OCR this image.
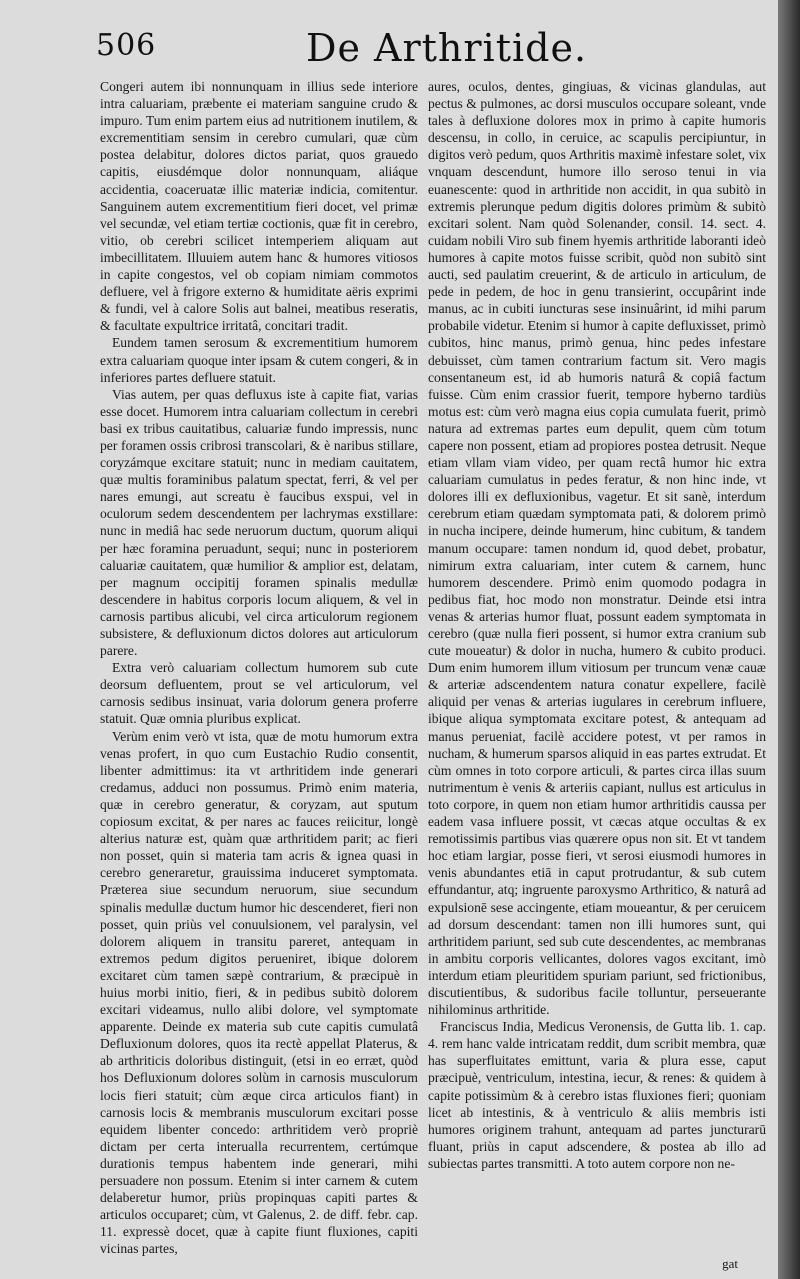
506	De Arthritide.

Congeri autem ibi nonnunquam in illius sede interiore intra caluariam, præbente ei materiam sanguine crudo & impuro. Tum enim partem eius ad nutritionem inutilem, & excrementitiam sensim in cerebro cumulari, quæ cùm postea delabitur, dolores dictos pariat, quos grauedo capitis, eiusdémque dolor nonnunquam, aliáque accidentia, coaceruatæ illic materiæ indicia, comitentur. Sanguinem autem excrementitium fieri docet, vel primæ vel secundæ, vel etiam tertiæ coctionis, quæ fit in cerebro, vitio, ob cerebri scilicet intemperiem aliquam aut imbecillitatem. Illuuiem autem hanc & humores vitiosos in capite congestos, vel ob copiam nimiam commotos defluere, vel à frigore externo & humiditate aëris exprimi & fundi, vel à calore Solis aut balnei, meatibus reseratis, & facultate expultrice irritatâ, concitari tradit.

Eundem tamen serosum & excrementitium humorem extra caluariam quoque inter ipsam & cutem congeri, & in inferiores partes defluere statuit.

Vias autem, per quas defluxus iste à capite fiat, varias esse docet. Humorem intra caluariam collectum in cerebri basi ex tribus cauitatibus, caluariæ fundo impressis, nunc per foramen ossis cribrosi transcolari, & è naribus stillare, coryzámque excitare statuit; nunc in mediam cauitatem, quæ multis foraminibus palatum spectat, ferri, & vel per nares emungi, aut screatu è faucibus exspui, vel in oculorum sedem descendentem per lachrymas exstillare: nunc in mediâ hac sede neruorum ductum, quorum aliqui per hæc foramina peruadunt, sequi; nunc in posteriorem caluariæ cauitatem, quæ humilior & amplior est, delatam, per magnum occipitij foramen spinalis medullæ descendere in habitus corporis locum aliquem, & vel in carnosis partibus alicubi, vel circa articulorum regionem subsistere, & defluxionum dictos dolores aut articulorum parere.

Extra verò caluariam collectum humorem sub cute deorsum defluentem, prout se vel articulorum, vel carnosis sedibus insinuat, varia dolorum genera proferre statuit. Quæ omnia pluribus explicat.

Verùm enim verò vt ista, quæ de motu humorum extra venas profert, in quo cum Eustachio Rudio consentit, libenter admittimus: ita vt arthritidem inde generari credamus, adduci non possumus. Primò enim materia, quæ in cerebro generatur, & coryzam, aut sputum copiosum excitat, & per nares ac fauces reiicitur, longè alterius naturæ est, quàm quæ arthritidem parit; ac fieri non posset, quin si materia tam acris & ignea quasi in cerebro generaretur, grauissima induceret symptomata. Præterea siue secundum neruorum, siue secundum spinalis medullæ ductum humor hic descenderet, fieri non posset, quin priùs vel conuulsionem, vel paralysin, vel dolorem aliquem in transitu pareret, antequam in extremos pedum digitos perueniret, ibique dolorem excitaret cùm tamen sæpè contrarium, & præcipuè in huius morbi initio, fieri, & in pedibus subitò dolorem excitari videamus, nullo alibi dolore, vel symptomate apparente. Deinde ex materia sub cute capitis cumulatâ Defluxionum dolores, quos ita rectè appellat Platerus, & ab arthriticis doloribus distinguit, (etsi in eo erræt, quòd hos Defluxionum dolores solùm in carnosis musculorum locis fieri statuit; cùm æque circa articulos fiant) in carnosis locis & membranis musculorum excitari posse equidem libenter concedo: arthritidem verò propriè dictam per certa interualla recurrentem, certúmque durationis tempus habentem inde generari, mihi persuadere non possum. Etenim si inter carnem & cutem delaberetur humor, priùs propinquas capiti partes & articulos occuparet; cùm, vt Galenus, 2. de diff. febr. cap. 11. expressè docet, quæ à capite fiunt fluxiones, capiti vicinas partes,

aures, oculos, dentes, gingiuas, & vicinas glandulas, aut pectus & pulmones, ac dorsi musculos occupare soleant, vnde tales à defluxione dolores mox in primo à capite humoris descensu, in collo, in ceruice, ac scapulis percipiuntur, in digitos verò pedum, quos Arthritis maximè infestare solet, vix vnquam descendunt, humore illo seroso tenui in via euanescente: quod in arthritide non accidit, in qua subitò in extremis plerunque pedum digitis dolores primùm & subitò excitari solent. Nam quòd Solenander, consil. 14. sect. 4. cuidam nobili Viro sub finem hyemis arthritide laboranti ideò humores à capite motos fuisse scribit, quòd non subitò sint aucti, sed paulatim creuerint, & de articulo in articulum, de pede in pedem, de hoc in genu transierint, occupârint inde manus, ac in cubiti iuncturas sese insinuârint, id mihi parum probabile videtur. Etenim si humor à capite defluxisset, primò cubitos, hinc manus, primò genua, hinc pedes infestare debuisset, cùm tamen contrarium factum sit. Vero magis consentaneum est, id ab humoris naturâ & copiâ factum fuisse. Cùm enim crassior fuerit, tempore hyberno tardiùs motus est: cùm verò magna eius copia cumulata fuerit, primò natura ad extremas partes eum depulit, quem cùm totum capere non possent, etiam ad propiores postea detrusit. Neque etiam vllam viam video, per quam rectâ humor hic extra caluariam cumulatus in pedes feratur, & non hinc inde, vt dolores illi ex defluxionibus, vagetur. Et sit sanè, interdum cerebrum etiam quædam symptomata pati, & dolorem primò in nucha incipere, deinde humerum, hinc cubitum, & tandem manum occupare: tamen nondum id, quod debet, probatur, nimirum extra caluariam, inter cutem & carnem, hunc humorem descendere. Primò enim quomodo podagra in pedibus fiat, hoc modo non monstratur. Deinde etsi intra venas & arterias humor fluat, possunt eadem symptomata in cerebro (quæ nulla fieri possent, si humor extra cranium sub cute moueatur) & dolor in nucha, humero & cubito produci. Dum enim humorem illum vitiosum per truncum venæ cauæ & arteriæ adscendentem natura conatur expellere, facilè aliquid per venas & arterias iugulares in cerebrum influere, ibique aliqua symptomata excitare potest, & antequam ad manus perueniat, facilè accidere potest, vt per ramos in nucham, & humerum sparsos aliquid in eas partes extrudat. Et cùm omnes in toto corpore articuli, & partes circa illas suum nutrimentum è venis & arteriis capiant, nullus est articulus in toto corpore, in quem non etiam humor arthritidis caussa per eadem vasa influere possit, vt cæcas atque occultas & ex remotissimis partibus vias quærere opus non sit. Et vt tandem hoc etiam largiar, posse fieri, vt serosi eiusmodi humores in venis abundantes etiā in caput protrudantur, & sub cutem effundantur, atq; ingruente paroxysmo Arthritico, & naturâ ad expulsionē sese accingente, etiam moueantur, & per ceruicem ad dorsum descendant: tamen non illi humores sunt, qui arthritidem pariunt, sed sub cute descendentes, ac membranas in ambitu corporis vellicantes, dolores vagos excitant, imò interdum etiam pleuritidem spuriam pariunt, sed frictionibus, discutientibus, & sudoribus facile tolluntur, perseuerante nihilominus arthritide.

Franciscus India, Medicus Veronensis, de Gutta lib. 1. cap. 4. rem hanc valde intricatam reddit, dum scribit membra, quæ has superfluitates emittunt, varia & plura esse, caput præcipuè, ventriculum, intestina, iecur, & renes: & quidem à capite potissimùm & à cerebro istas fluxiones fieri; quoniam licet ab intestinis, & à ventriculo & aliis membris isti humores originem trahunt, antequam ad partes juncturarū fluant, priùs in caput adscendere, & postea ab illo ad subiectas partes transmitti. A toto autem corpore non ne-

gat
